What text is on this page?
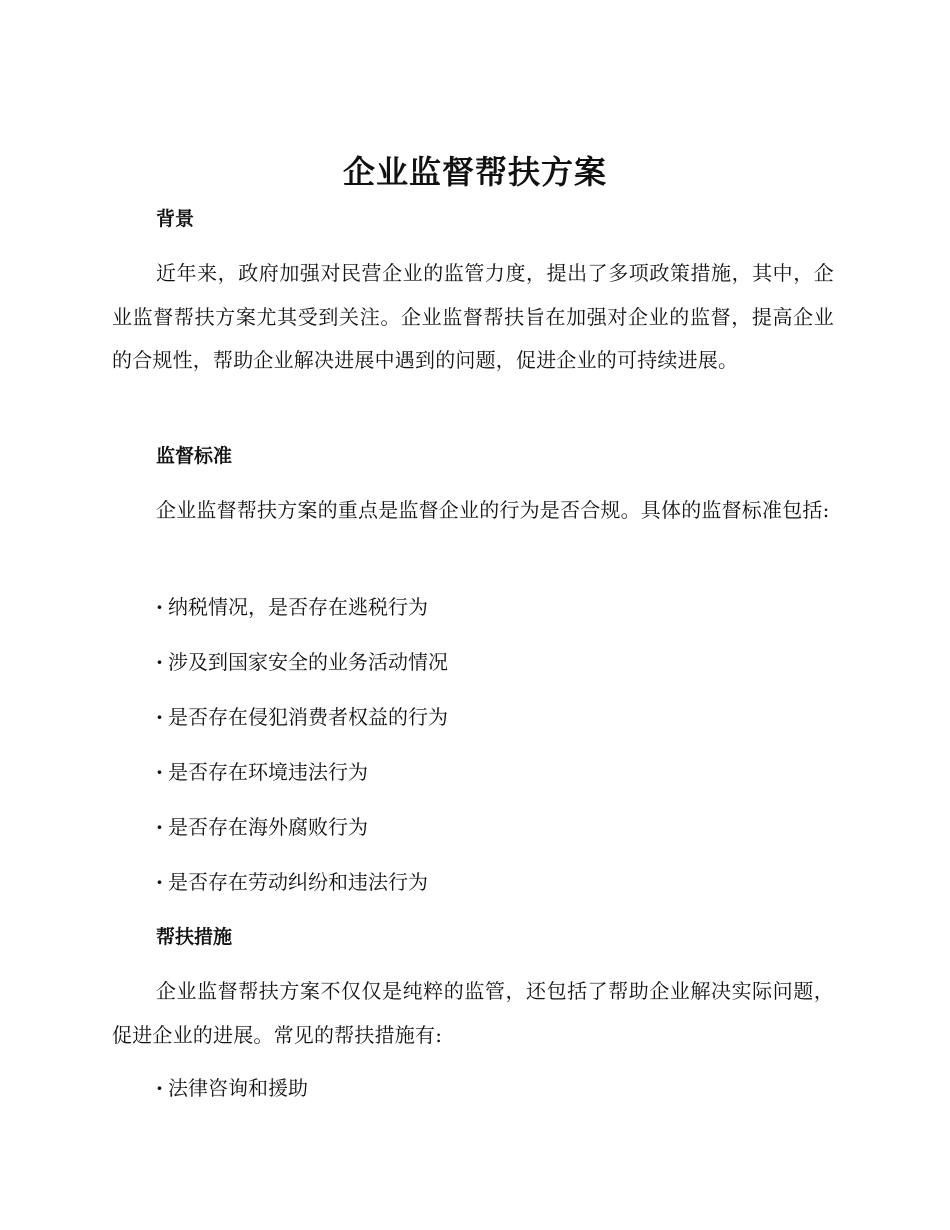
企业监督帮扶方案
背景

近年来，政府加强对民营企业的监管力度，提出了多项政策措施，其中，企业监督帮扶方案尤其受到关注。企业监督帮扶旨在加强对企业的监督，提高企业的合规性，帮助企业解决进展中遇到的问题，促进企业的可持续进展。

监督标准

企业监督帮扶方案的重点是监督企业的行为是否合规。具体的监督标准包括:

· 纳税情况，是否存在逃税行为
· 涉及到国家安全的业务活动情况
· 是否存在侵犯消费者权益的行为
· 是否存在环境违法行为
· 是否存在海外腐败行为
· 是否存在劳动纠纷和违法行为
帮扶措施

企业监督帮扶方案不仅仅是纯粹的监管，还包括了帮助企业解决实际问题，促进企业的进展。常见的帮扶措施有:

· 法律咨询和援助
